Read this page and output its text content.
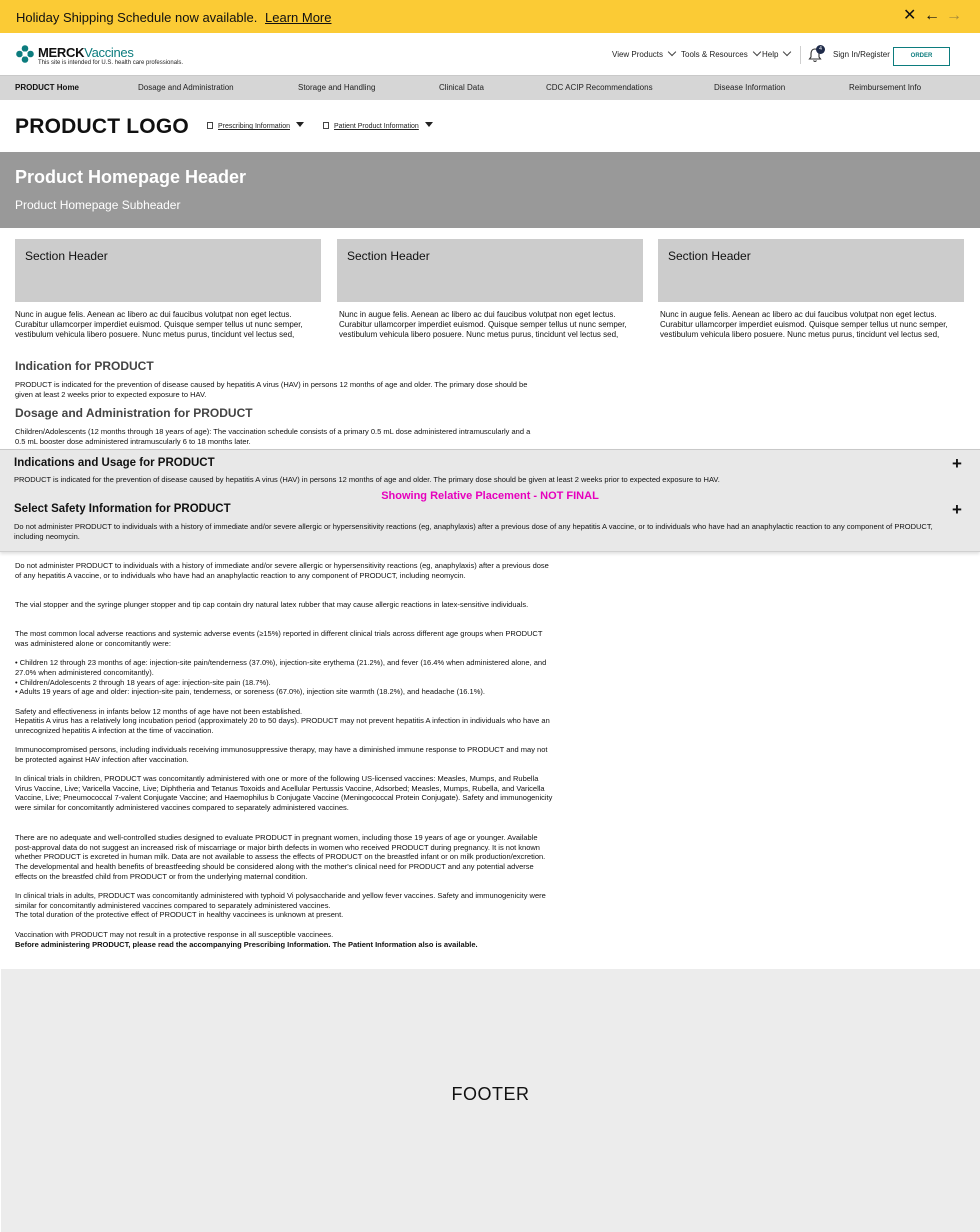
Holiday Shipping Schedule now available. Learn More	✕ ← →
MERCKVaccines
This site is intended for U.S. health care professionals.
View Products	Tools & Resources	Help
4
Sign In/Register	ORDER
PRODUCT Home	Dosage and Administration	Storage and Handling	Clinical Data	CDC ACIP Recommendations	Disease Information	Reimbursement Info
PRODUCT LOGO	Prescribing Information	Patient Product Information
Product Homepage Header
Product Homepage Subheader
Section Header	Section Header	Section Header
Nunc in augue felis. Aenean ac libero ac dui faucibus volutpat non eget lectus. Curabitur ullamcorper imperdiet euismod. Quisque semper tellus ut nunc semper, vestibulum vehicula libero posuere. Nunc metus purus, tincidunt vel lectus sed,
Nunc in augue felis. Aenean ac libero ac dui faucibus volutpat non eget lectus. Curabitur ullamcorper imperdiet euismod. Quisque semper tellus ut nunc semper, vestibulum vehicula libero posuere. Nunc metus purus, tincidunt vel lectus sed,
Nunc in augue felis. Aenean ac libero ac dui faucibus volutpat non eget lectus. Curabitur ullamcorper imperdiet euismod. Quisque semper tellus ut nunc semper, vestibulum vehicula libero posuere. Nunc metus purus, tincidunt vel lectus sed,
Indication for PRODUCT
PRODUCT is indicated for the prevention of disease caused by hepatitis A virus (HAV) in persons 12 months of age and older. The primary dose should be given at least 2 weeks prior to expected exposure to HAV.
Dosage and Administration for PRODUCT
Children/Adolescents (12 months through 18 years of age): The vaccination schedule consists of a primary 0.5 mL dose administered intramuscularly and a 0.5 mL booster dose administered intramuscularly 6 to 18 months later.
Indications and Usage for PRODUCT	+
PRODUCT is indicated for the prevention of disease caused by hepatitis A virus (HAV) in persons 12 months of age and older. The primary dose should be given at least 2 weeks prior to expected exposure to HAV.
Showing Relative Placement - NOT FINAL
Select Safety Information for PRODUCT	+
Do not administer PRODUCT to individuals with a history of immediate and/or severe allergic or hypersensitivity reactions (eg, anaphylaxis) after a previous dose of any hepatitis A vaccine, or to individuals who have had an anaphylactic reaction to any component of PRODUCT, including neomycin.
Do not administer PRODUCT to individuals with a history of immediate and/or severe allergic or hypersensitivity reactions (eg, anaphylaxis) after a previous dose of any hepatitis A vaccine, or to individuals who have had an anaphylactic reaction to any component of PRODUCT, including neomycin.
The vial stopper and the syringe plunger stopper and tip cap contain dry natural latex rubber that may cause allergic reactions in latex-sensitive individuals.
The most common local adverse reactions and systemic adverse events (≥15%) reported in different clinical trials across different age groups when PRODUCT was administered alone or concomitantly were:
• Children 12 through 23 months of age: injection-site pain/tenderness (37.0%), injection-site erythema (21.2%), and fever (16.4% when administered alone, and 27.0% when administered concomitantly).
• Children/Adolescents 2 through 18 years of age: injection-site pain (18.7%).
• Adults 19 years of age and older: injection-site pain, tenderness, or soreness (67.0%), injection site warmth (18.2%), and headache (16.1%).
Safety and effectiveness in infants below 12 months of age have not been established.
Hepatitis A virus has a relatively long incubation period (approximately 20 to 50 days). PRODUCT may not prevent hepatitis A infection in individuals who have an unrecognized hepatitis A infection at the time of vaccination.
Immunocompromised persons, including individuals receiving immunosuppressive therapy, may have a diminished immune response to PRODUCT and may not be protected against HAV infection after vaccination.
In clinical trials in children, PRODUCT was concomitantly administered with one or more of the following US-licensed vaccines: Measles, Mumps, and Rubella Virus Vaccine, Live; Varicella Vaccine, Live; Diphtheria and Tetanus Toxoids and Acellular Pertussis Vaccine, Adsorbed; Measles, Mumps, Rubella, and Varicella Vaccine, Live; Pneumococcal 7-valent Conjugate Vaccine; and Haemophilus b Conjugate Vaccine (Meningococcal Protein Conjugate). Safety and immunogenicity were similar for concomitantly administered vaccines compared to separately administered vaccines.
There are no adequate and well-controlled studies designed to evaluate PRODUCT in pregnant women, including those 19 years of age or younger. Available post-approval data do not suggest an increased risk of miscarriage or major birth defects in women who received PRODUCT during pregnancy. It is not known whether PRODUCT is excreted in human milk. Data are not available to assess the effects of PRODUCT on the breastfed infant or on milk production/excretion. The developmental and health benefits of breastfeeding should be considered along with the mother's clinical need for PRODUCT and any potential adverse effects on the breastfed child from PRODUCT or from the underlying maternal condition.
In clinical trials in adults, PRODUCT was concomitantly administered with typhoid Vi polysaccharide and yellow fever vaccines. Safety and immunogenicity were similar for concomitantly administered vaccines compared to separately administered vaccines.
The total duration of the protective effect of PRODUCT in healthy vaccinees is unknown at present.
Vaccination with PRODUCT may not result in a protective response in all susceptible vaccinees.
Before administering PRODUCT, please read the accompanying Prescribing Information. The Patient Information also is available.
FOOTER
